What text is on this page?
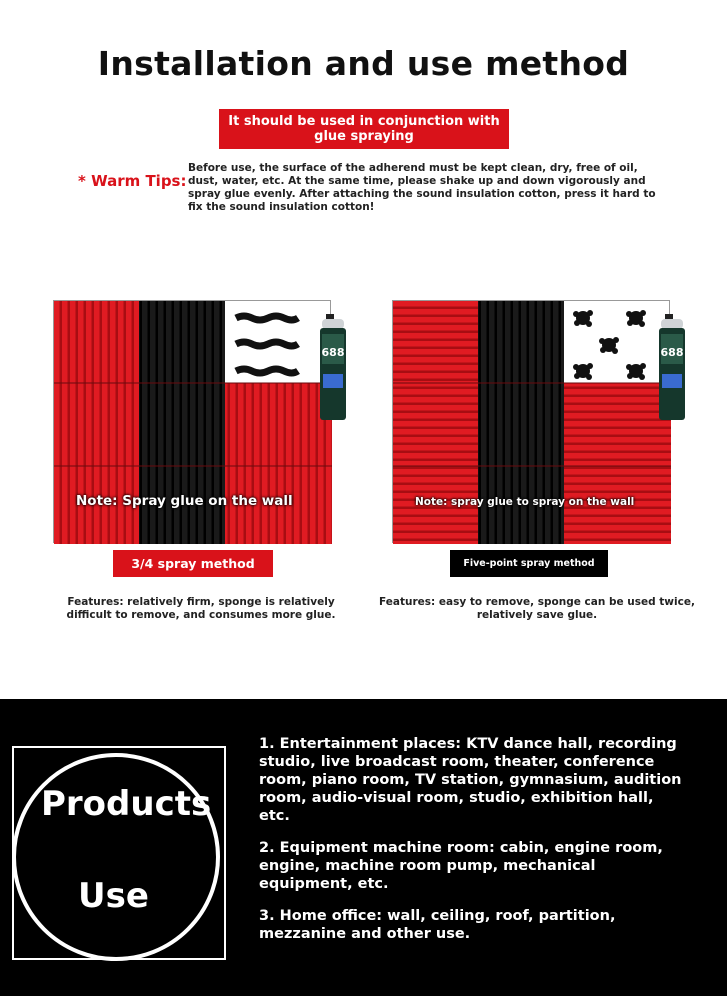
Installation and use method
It should be used in conjunction with glue spraying
* Warm Tips:
Before use, the surface of the adherend must be kept clean, dry, free of oil, dust, water, etc. At the same time, please shake up and down vigorously and spray glue evenly. After attaching the sound insulation cotton, press it hard to fix the sound insulation cotton!
Note: Spray glue on the wall
688
Note: spray glue to spray on the wall
688
3/4 spray method	Five-point spray method
Features: relatively firm, sponge is relatively difficult to remove, and consumes more glue.
Features: easy to remove, sponge can be used twice, relatively save glue.
Products
Use

1. Entertainment places: KTV dance hall, recording studio, live broadcast room, theater, conference room, piano room, TV station, gymnasium, audition room, audio-visual room, studio, exhibition hall, etc.

2. Equipment machine room: cabin, engine room, engine, machine room pump, mechanical equipment, etc.

3. Home office: wall, ceiling, roof, partition, mezzanine and other use.
